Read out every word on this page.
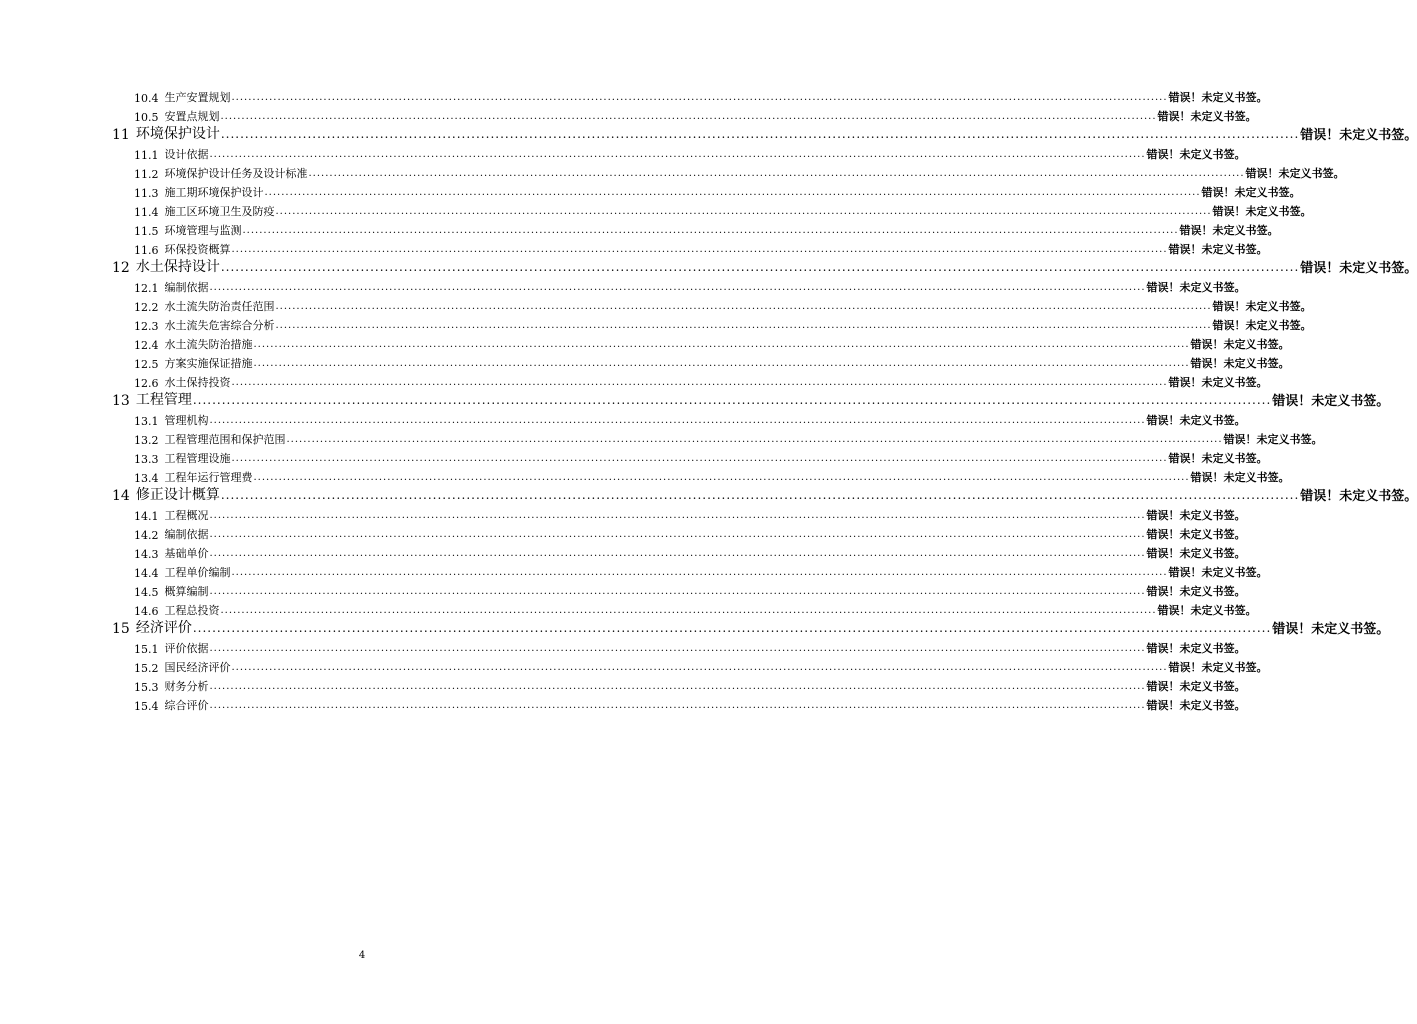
10.4 生产安置规划 ................................................................................................................................................................................................................................ 错误！未定义书签。
10.5 安置点规划 ................................................................................................................................................................................................................................ 错误！未定义书签。
11 环境保护设计 ................................................................................................................................................................................................................................ 错误！未定义书签。
11.1 设计依据 ................................................................................................................................................................................................................................ 错误！未定义书签。
11.2 环境保护设计任务及设计标准 ................................................................................................................................................................................................................................ 错误！未定义书签。
11.3 施工期环境保护设计 ................................................................................................................................................................................................................................ 错误！未定义书签。
11.4 施工区环境卫生及防疫 ................................................................................................................................................................................................................................ 错误！未定义书签。
11.5 环境管理与监测 ................................................................................................................................................................................................................................ 错误！未定义书签。
11.6 环保投资概算 ................................................................................................................................................................................................................................ 错误！未定义书签。
12 水土保持设计 ................................................................................................................................................................................................................................ 错误！未定义书签。
12.1 编制依据 ................................................................................................................................................................................................................................ 错误！未定义书签。
12.2 水土流失防治责任范围 ................................................................................................................................................................................................................................ 错误！未定义书签。
12.3 水土流失危害综合分析 ................................................................................................................................................................................................................................ 错误！未定义书签。
12.4 水土流失防治措施 ................................................................................................................................................................................................................................ 错误！未定义书签。
12.5 方案实施保证措施 ................................................................................................................................................................................................................................ 错误！未定义书签。
12.6 水土保持投资 ................................................................................................................................................................................................................................ 错误！未定义书签。
13 工程管理 ................................................................................................................................................................................................................................ 错误！未定义书签。
13.1 管理机构 ................................................................................................................................................................................................................................ 错误！未定义书签。
13.2 工程管理范围和保护范围 ................................................................................................................................................................................................................................ 错误！未定义书签。
13.3 工程管理设施 ................................................................................................................................................................................................................................ 错误！未定义书签。
13.4 工程年运行管理费 ................................................................................................................................................................................................................................ 错误！未定义书签。
14 修正设计概算 ................................................................................................................................................................................................................................ 错误！未定义书签。
14.1 工程概况 ................................................................................................................................................................................................................................ 错误！未定义书签。
14.2 编制依据 ................................................................................................................................................................................................................................ 错误！未定义书签。
14.3 基础单价 ................................................................................................................................................................................................................................ 错误！未定义书签。
14.4 工程单价编制 ................................................................................................................................................................................................................................ 错误！未定义书签。
14.5 概算编制 ................................................................................................................................................................................................................................ 错误！未定义书签。
14.6 工程总投资 ................................................................................................................................................................................................................................ 错误！未定义书签。
15 经济评价 ................................................................................................................................................................................................................................ 错误！未定义书签。
15.1 评价依据 ................................................................................................................................................................................................................................ 错误！未定义书签。
15.2 国民经济评价 ................................................................................................................................................................................................................................ 错误！未定义书签。
15.3 财务分析 ................................................................................................................................................................................................................................ 错误！未定义书签。
15.4 综合评价 ................................................................................................................................................................................................................................ 错误！未定义书签。
4
